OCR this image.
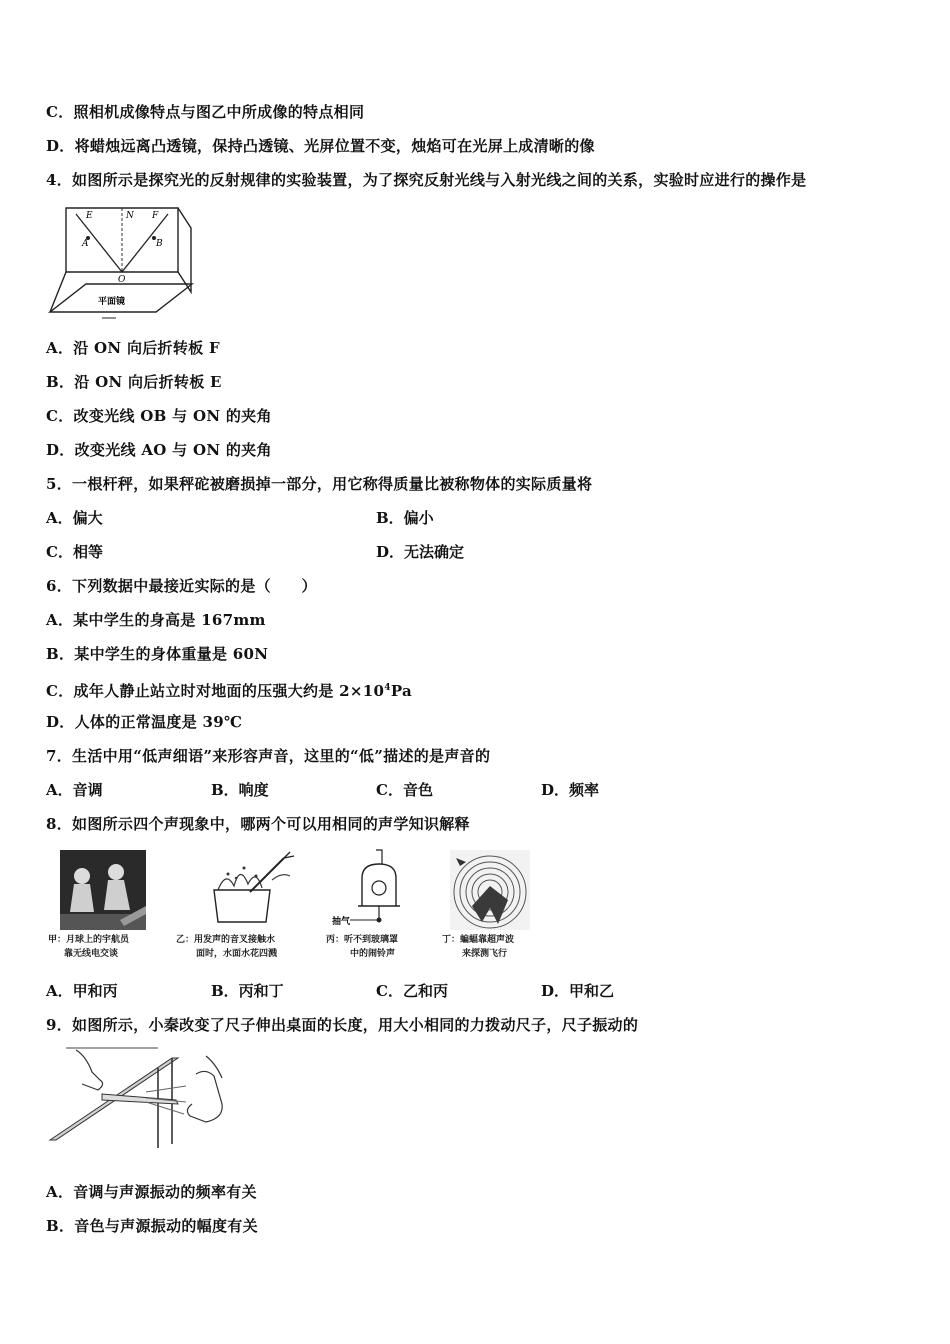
C．照相机成像特点与图乙中所成像的特点相同
D．将蜡烛远离凸透镜，保持凸透镜、光屏位置不变，烛焰可在光屏上成清晰的像
4．如图所示是探究光的反射规律的实验装置，为了探究反射光线与入射光线之间的关系，实验时应进行的操作是
E	N F
A	B
O
平面镜
A．沿 ON 向后折转板 F
B．沿 ON 向后折转板 E
C．改变光线 OB 与 ON 的夹角
D．改变光线 AO 与 ON 的夹角
5．一根杆秤，如果秤砣被磨损掉一部分，用它称得质量比被称物体的实际质量将
A．偏大	B．偏小
C．相等	D．无法确定
6．下列数据中最接近实际的是（　　）
A．某中学生的身高是 167mm
B．某中学生的身体重量是 60N
C．成年人静止站立时对地面的压强大约是 $2\times 10^4Pa$
D．人体的正常温度是 39℃
7．生活中用“低声细语”来形容声音，这里的“低”描述的是声音的
A．音调	B．响度	C．音色	D．频率
8．如图所示四个声现象中，哪两个可以用相同的声学知识解释
甲：月球上的宇航员
靠无线电交谈
乙：用发声的音叉接触水
面时，水面水花四溅
抽气
丙：听不到玻璃罩
中的闹铃声
丁：蝙蝠靠超声波
来探测飞行
A．甲和丙	B．丙和丁	C．乙和丙	D．甲和乙
9．如图所示，小秦改变了尺子伸出桌面的长度，用大小相同的力拨动尺子，尺子振动的
A．音调与声源振动的频率有关
B．音色与声源振动的幅度有关
